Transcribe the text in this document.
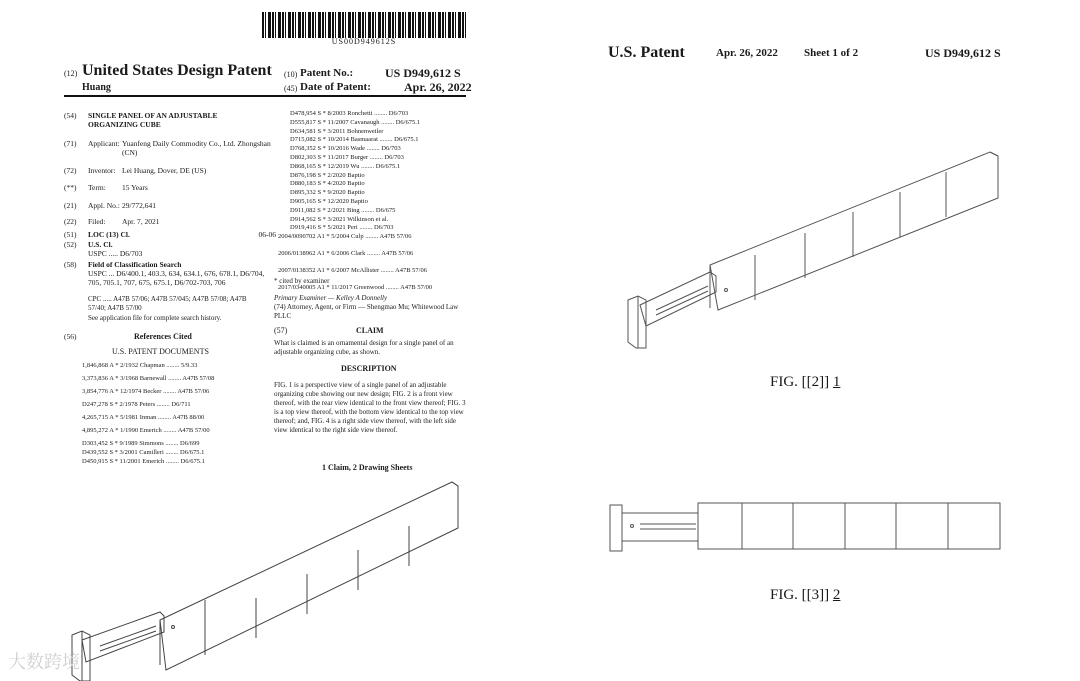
US00D949612S
(12) United States Design Patent
Huang
(10) Patent No.:	US D949,612 S
(45) Date of Patent:	Apr. 26, 2022
(54)	SINGLE PANEL OF AN ADJUSTABLE ORGANIZING CUBE
(71)	Applicant: Yuanfeng Daily Commodity Co., Ltd. Zhongshan (CN)
(72)	Inventor: Lei Huang, Dover, DE (US)
(**)	Term: 15 Years
(21)	Appl. No.: 29/772,641
(22)	Filed: Apr. 7, 2021
(51)	LOC (13) Cl.	06-06
(52)	U.S. Cl.
USPC ..... D6/703
(58)	Field of Classification Search
USPC ... D6/400.1, 403.3, 634, 634.1, 676, 678.1, D6/704, 705, 705.1, 707, 675, 675.1, D6/702-703, 706
CPC ..... A47B 57/06; A47B 57/045; A47B 57/08; A47B 57/40; A47B 57/00
See application file for complete search history.
(56)	References Cited
U.S. PATENT DOCUMENTS
1,846,868 A * 2/1932 Chapman ........ 5/9.33
3,373,836 A * 3/1968 Barnewall ........ A47B 57/08
3,854,776 A * 12/1974 Becker ........ A47B 57/06
D247,278 S * 2/1978 Peters ........ D6/711
4,265,715 A * 5/1981 Inman ........ A47B 88/00
4,895,272 A * 1/1990 Emerich ........ A47B 57/00
D303,452 S * 9/1989 Simmons ........ D6/699
D439,552 S * 3/2001 Camilleri ........ D6/675.1
D450,915 S * 11/2001 Emerich ........ D6/675.1
D478,954 S * 8/2003 Ronchetti ........ D6/703
D555,817 S * 11/2007 Cavanaugh ........ D6/675.1
D634,581 S * 3/2011 Bohnenweiler
D715,082 S * 10/2014 Basmaarat ........ D6/675.1
D768,352 S * 10/2016 Wade ........ D6/703
D802,303 S * 11/2017 Burger ........ D6/703
D868,165 S * 12/2019 Wu ........ D6/675.1
D876,198 S * 2/2020 Baptio
D880,183 S * 4/2020 Baptio
D895,332 S * 9/2020 Baptio
D905,165 S * 12/2020 Baptio
D911,082 S * 2/2021 Bing ........ D6/675
D914,562 S * 3/2021 Wilkinson et al.
D919,416 S * 5/2021 Peri ........ D6/703
2004/0090702 A1 * 5/2004 Culp ........ A47B 57/06
2006/0138962 A1 * 6/2006 Clark ........ A47B 57/06
2007/0138352 A1 * 6/2007 McAllister ........ A47B 57/06
2017/0340005 A1 * 11/2017 Greenwood ........ A47B 57/00
* cited by examiner
Primary Examiner — Kelley A Donnelly
(74) Attorney, Agent, or Firm — Shengmao Mu; Whitewood Law PLLC
(57)	CLAIM
What is claimed is an ornamental design for a single panel of an adjustable organizing cube, as shown.
DESCRIPTION
FIG. 1 is a perspective view of a single panel of an adjustable organizing cube showing our new design; FIG. 2 is a front view thereof, with the rear view identical to the front view thereof; FIG. 3 is a top view thereof, with the bottom view identical to the top view thereof; and, FIG. 4 is a right side view thereof, with the left side view identical to the right side view thereof.
1 Claim, 2 Drawing Sheets
U.S. Patent	Apr. 26, 2022 Sheet 1 of 2	US D949,612 S
FIG. [[2]] 1
FIG. [[3]] 2
大数跨境
